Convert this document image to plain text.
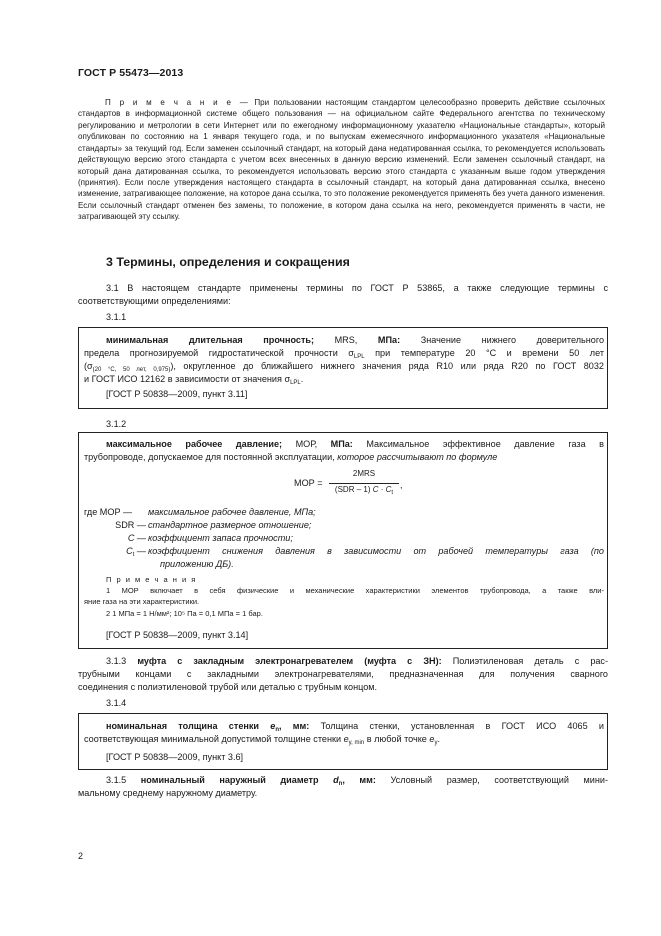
ГОСТ Р 55473—2013
П р и м е ч а н и е — При пользовании настоящим стандартом целесообразно проверить действие ссылочных стандартов в информационной системе общего пользования — на официальном сайте Федерального агентства по техническому регулированию и метрологии в сети Интернет или по ежегодному информационному указателю «Национальные стандарты», который опубликован по состоянию на 1 января текущего года, и по выпускам ежемесячного информационного указателя «Национальные стандарты» за текущий год. Если заменен ссылочный стандарт, на который дана недатированная ссылка, то рекомендуется использовать действующую версию этого стандарта с учетом всех внесенных в данную версию изменений. Если заменен ссылочный стандарт, на который дана датированная ссылка, то рекомендуется использовать версию этого стандарта с указанным выше годом утверждения (принятия). Если после утверждения настоящего стандарта в ссылочный стандарт, на который дана датированная ссылка, внесено изменение, затрагивающее положение, на которое дана ссылка, то это положение рекомендуется применять без учета данного изменения. Если ссылочный стандарт отменен без замены, то положение, в котором дана ссылка на него, рекомендуется применять в части, не затрагивающей эту ссылку.
3 Термины, определения и сокращения
3.1 В настоящем стандарте применены термины по ГОСТ Р 53865, а также следующие термины с
соответствующими определениями:
3.1.1
минимальная длительная прочность; MRS, МПа: Значение нижнего доверительного
предела прогнозируемой гидростатической прочности $\sigma_{LPL}$ при температуре 20 °С и времени 50 лет
$(\sigma_{(20 ^\circ С, 50 лет, 0,975)})$, округленное до ближайшего нижнего значения ряда R10 или ряда R20 по ГОСТ 8032
и ГОСТ ИСО 12162 в зависимости от значения $\sigma_{LPL}$.
[ГОСТ Р 50838—2009, пункт 3.11]
3.1.2
максимальное рабочее давление; МОР, МПа: Максимальное эффективное давление газа в
трубопроводе, допускаемое для постоянной эксплуатации, которое рассчитывают по формуле
МОР =
2MRS
(SDR – 1) $C \cdot C_t$
,
где МОР — максимальное рабочее давление, МПа;
SDR — стандартное размерное отношение;
C — коэффициент запаса прочности;
$C_t$ — коэффициент снижения давления в зависимости от рабочей температуры газа (по
приложению ДБ).
П р и м е ч а н и я
1 МОР включает в себя физические и механические характеристики элементов трубопровода, а также вли-
яние газа на эти характеристики.
2 1 МПа = 1 Н/мм²; 10⁵ Па = 0,1 МПа = 1 бар.
[ГОСТ Р 50838—2009, пункт 3.14]
3.1.3 муфта с закладным электронагревателем (муфта с ЗН): Полиэтиленовая деталь с рас-
трубными концами с закладными электронагревателями, предназначенная для получения сварного
соединения с полиэтиленовой трубой или деталью с трубным концом.
3.1.4
номинальная толщина стенки $e_n$, мм: Толщина стенки, установленная в ГОСТ ИСО 4065 и
соответствующая минимальной допустимой толщине стенки $e_{y, min}$ в любой точке $e_y$.
[ГОСТ Р 50838—2009, пункт 3.6]
3.1.5 номинальный наружный диаметр $d_n$, мм: Условный размер, соответствующий мини-
мальному среднему наружному диаметру.
2
